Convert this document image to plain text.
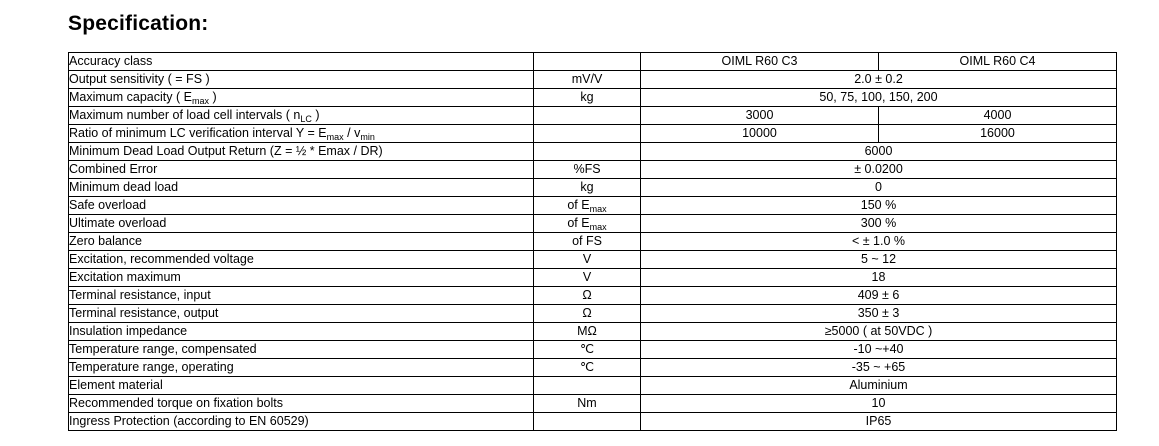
Specification:
Accuracy class		OIML R60 C3	OIML R60 C4
Output sensitivity ( = FS )	mV/V	2.0 ± 0.2	
Maximum capacity ( $E_{max}$ )	kg	50, 75, 100, 150, 200	
Maximum number of load cell intervals ( $n_{LC}$ )		3000	4000
Ratio of minimum LC verification interval $Y = E_{max} / v_{min}$		10000	16000
Minimum Dead Load Output Return (Z = ½ * Emax / DR)		6000	
Combined Error	%FS	± 0.0200	
Minimum dead load	kg	0	
Safe overload	of $E_{max}$	150 %	
Ultimate overload	of $E_{max}$	300 %	
Zero balance	of FS	< ± 1.0 %	
Excitation, recommended voltage	V	5 ~ 12	
Excitation maximum	V	18	
Terminal resistance, input	Ω	409 ± 6	
Terminal resistance, output	Ω	350 ± 3	
Insulation impedance	MΩ	≥5000 ( at 50VDC )	
Temperature range, compensated	℃	-10 ~+40	
Temperature range, operating	℃	-35 ~ +65	
Element material		Aluminium	
Recommended torque on fixation bolts	Nm	10	
Ingress Protection (according to EN 60529)		IP65	
